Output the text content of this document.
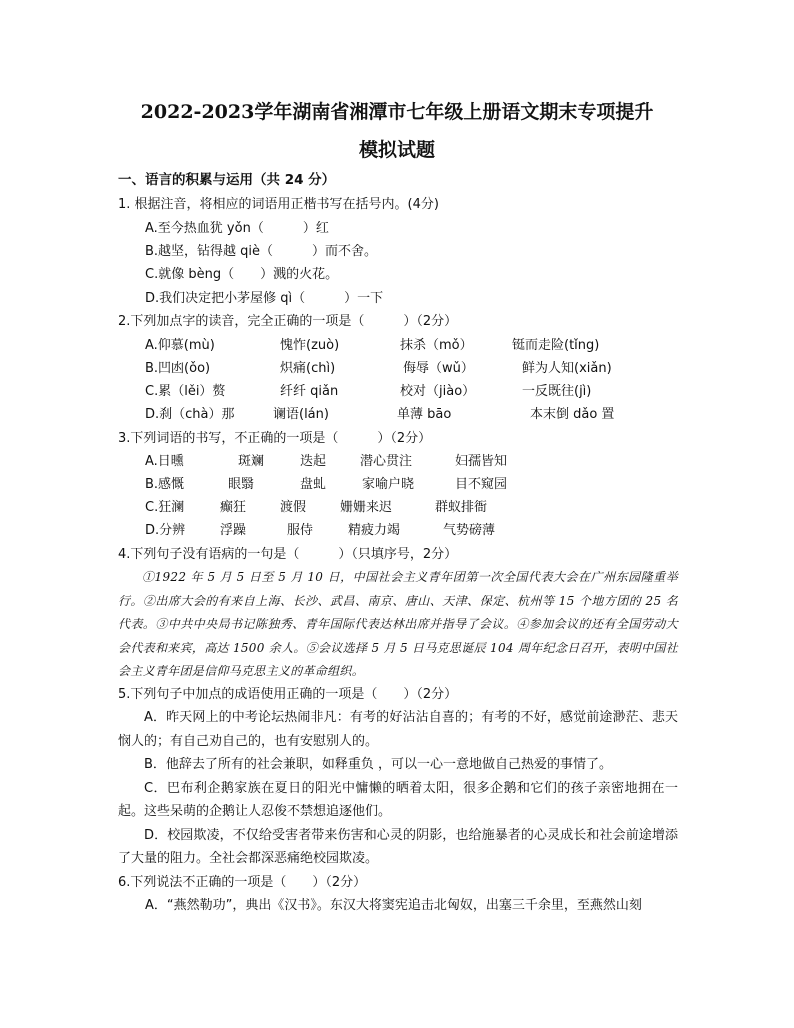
2022-2023学年湖南省湘潭市七年级上册语文期末专项提升
模拟试题
一、语言的积累与运用（共 24 分）
1. 根据注音，将相应的词语用正楷书写在括号内。(4分)
A.至今热血犹 yǒn（　　　）红
B.越坚，钻得越 qiè（　　　）而不舍。
C.就像 bèng（　　）溅的火花。
D.我们决定把小茅屋修 qì（　　　）一下
2.下列加点字的读音，完全正确的一项是（　　　）（2分）
A.仰慕(mù)	愧怍(zuò)	抹杀（mǒ）	铤而走险(tǐng)
B.凹凼(ǒo)	炽痛(chì)	侮辱（wǔ）	鲜为人知(xiǎn)
C.累（lěi）赘	纤纤 qiǎn	校对（jiào）	一反既往(jì)
D.刹（chà）那	谰语(lán)	单薄 bāo	本末倒 dǎo 置
3.下列词语的书写，不正确的一项是（　　　）（2分）
A.日曛	斑斓	迭起	潜心贯注	妇孺皆知
B.感慨	眼翳	盘虬	家喻户晓	目不窥园
C.狂澜	癫狂	渡假	姗姗来迟	群蚁排衙
D.分辨	浮躁	服侍	精疲力竭	气势磅薄
4.下列句子没有语病的一句是（　　　）（只填序号，2分）

①1922 年 5 月 5 日至 5 月 10 日，中国社会主义青年团第一次全国代表大会在广州东园隆重举行。②出席大会的有来自上海、长沙、武昌、南京、唐山、天津、保定、杭州等 15 个地方团的 25 名代表。③中共中央局书记陈独秀、青年国际代表达林出席并指导了会议。④参加会议的还有全国劳动大会代表和来宾，高达 1500 余人。⑤会议选择 5 月 5 日马克思诞辰 104 周年纪念日召开，表明中国社会主义青年团是信仰马克思主义的革命组织。

5.下列句子中加点的成语使用正确的一项是（　　）（2分）

A．昨天网上的中考论坛热闹非凡：有考的好沾沾自喜的；有考的不好，感觉前途渺茫、悲天悯人的；有自己劝自己的，也有安慰别人的。

B．他辞去了所有的社会兼职，如释重负 ，可以一心一意地做自己热爱的事情了。

C．巴布利企鹅家族在夏日的阳光中慵懒的晒着太阳，很多企鹅和它们的孩子亲密地拥在一起。这些呆萌的企鹅让人忍俊不禁想追逐他们。

D．校园欺凌，不仅给受害者带来伤害和心灵的阴影，也给施暴者的心灵成长和社会前途增添了大量的阻力。全社会都深恶痛绝校园欺凌。

6.下列说法不正确的一项是（　　）（2分）
A．“燕然勒功”，典出《汉书》。东汉大将窦宪追击北匈奴，出塞三千余里，至燕然山刻
